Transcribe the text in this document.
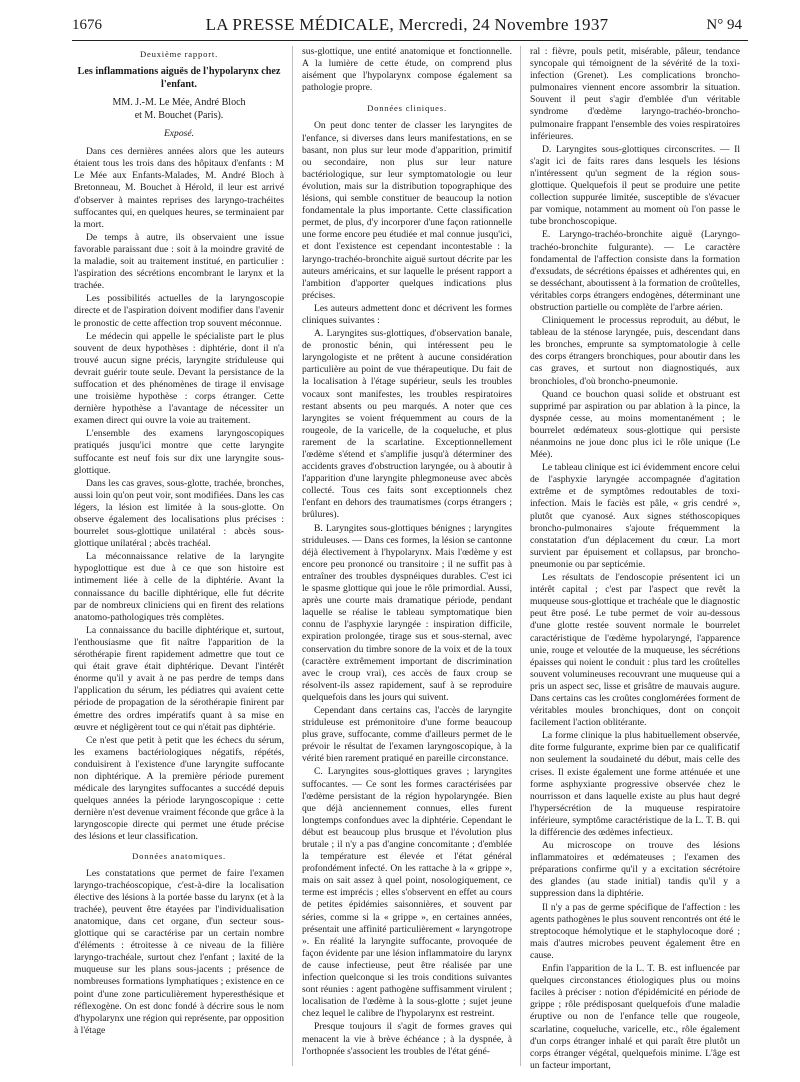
1676	LA PRESSE MÉDICALE, Mercredi, 24 Novembre 1937	N° 94
Deuxième rapport.
Les inflammations aiguës de l'hypolarynx chez l'enfant.
MM. J.-M. Le Mée, André Bloch
et M. Bouchet (Paris).
Exposé.

Dans ces dernières années alors que les auteurs étaient tous les trois dans des hôpitaux d'enfants : M Le Mée aux Enfants-Malades, M. André Bloch à Bretonneau, M. Bouchet à Hérold, il leur est arrivé d'observer à maintes reprises des laryngo-trachéites suffocantes qui, en quelques heures, se terminaient par la mort.

De temps à autre, ils observaient une issue favorable paraissant due : soit à la moindre gravité de la maladie, soit au traitement institué, en particulier : l'aspiration des sécrétions encombrant le larynx et la trachée.

Les possibilités actuelles de la laryngoscopie directe et de l'aspiration doivent modifier dans l'avenir le pronostic de cette affection trop souvent méconnue.

Le médecin qui appelle le spécialiste part le plus souvent de deux hypothèses : diphtérie, dont il n'a trouvé aucun signe précis, laryngite striduleuse qui devrait guérir toute seule. Devant la persistance de la suffocation et des phénomènes de tirage il envisage une troisième hypothèse : corps étranger. Cette dernière hypothèse a l'avantage de nécessiter un examen direct qui ouvre la voie au traitement.

L'ensemble des examens laryngoscopiques pratiqués jusqu'ici montre que cette laryngite suffocante est neuf fois sur dix une laryngite sous-glottique.

Dans les cas graves, sous-glotte, trachée, bronches, aussi loin qu'on peut voir, sont modifiées. Dans les cas légers, la lésion est limitée à la sous-glotte. On observe également des localisations plus précises : bourrelet sous-glottique unilatéral : abcès sous-glottique unilatéral ; abcès trachéal.

La méconnaissance relative de la laryngite hypoglottique est due à ce que son histoire est intimement liée à celle de la diphtérie. Avant la connaissance du bacille diphtérique, elle fut décrite par de nombreux cliniciens qui en firent des relations anatomo-pathologiques très complètes.

La connaissance du bacille diphtérique et, surtout, l'enthousiasme que fit naître l'apparition de la sérothérapie firent rapidement admettre que tout ce qui était grave était diphtérique. Devant l'intérêt énorme qu'il y avait à ne pas perdre de temps dans l'application du sérum, les pédiatres qui avaient cette période de propagation de la sérothérapie finirent par émettre des ordres impératifs quant à sa mise en œuvre et négligèrent tout ce qui n'était pas diphtérie.

Ce n'est que petit à petit que les échecs du sérum, les examens bactériologiques négatifs, répétés, conduisirent à l'existence d'une laryngite suffocante non diphtérique. A la première période purement médicale des laryngites suffocantes a succédé depuis quelques années la période laryngoscopique : cette dernière n'est devenue vraiment féconde que grâce à la laryngoscopie directe qui permet une étude précise des lésions et leur classification.

Données anatomiques.

Les constatations que permet de faire l'examen laryngo-trachéoscopique, c'est-à-dire la localisation élective des lésions à la portée basse du larynx (et à la trachée), peuvent être étayées par l'individualisation anatomique, dans cet organe, d'un secteur sous-glottique qui se caractérise par un certain nombre d'éléments : étroitesse à ce niveau de la filière laryngo-trachéale, surtout chez l'enfant ; laxité de la muqueuse sur les plans sous-jacents ; présence de nombreuses formations lymphatiques ; existence en ce point d'une zone particulièrement hyperesthésique et réflexogène. On est donc fondé à décrire sous le nom d'hypolarynx une région qui représente, par opposition à l'étage

sus-glottique, une entité anatomique et fonctionnelle. A la lumière de cette étude, on comprend plus aisément que l'hypolarynx compose également sa pathologie propre.

Données cliniques.

On peut donc tenter de classer les laryngites de l'enfance, si diverses dans leurs manifestations, en se basant, non plus sur leur mode d'apparition, primitif ou secondaire, non plus sur leur nature bactériologique, sur leur symptomatologie ou leur évolution, mais sur la distribution topographique des lésions, qui semble constituer de beaucoup la notion fondamentale la plus importante. Cette classification permet, de plus, d'y incorporer d'une façon rationnelle une forme encore peu étudiée et mal connue jusqu'ici, et dont l'existence est cependant incontestable : la laryngo-trachéo-bronchite aiguë surtout décrite par les auteurs américains, et sur laquelle le présent rapport a l'ambition d'apporter quelques indications plus précises.

Les auteurs admettent donc et décrivent les formes cliniques suivantes :

A. Laryngites sus-glottiques, d'observation banale, de pronostic bénin, qui intéressent peu le laryngologiste et ne prêtent à aucune considération particulière au point de vue thérapeutique. Du fait de la localisation à l'étage supérieur, seuls les troubles vocaux sont manifestes, les troubles respiratoires restant absents ou peu marqués. A noter que ces laryngites se voient fréquemment au cours de la rougeole, de la varicelle, de la coqueluche, et plus rarement de la scarlatine. Exceptionnellement l'œdème s'étend et s'amplifie jusqu'à déterminer des accidents graves d'obstruction laryngée, ou à aboutir à l'apparition d'une laryngite phlegmoneuse avec abcès collecté. Tous ces faits sont exceptionnels chez l'enfant en dehors des traumatismes (corps étrangers ; brûlures).

B. Laryngites sous-glottiques bénignes ; laryngites striduleuses. — Dans ces formes, la lésion se cantonne déjà électivement à l'hypolarynx. Mais l'œdème y est encore peu prononcé ou transitoire ; il ne suffit pas à entraîner des troubles dyspnéiques durables. C'est ici le spasme glottique qui joue le rôle primordial. Aussi, après une courte mais dramatique période, pendant laquelle se réalise le tableau symptomatique bien connu de l'asphyxie laryngée : inspiration difficile, expiration prolongée, tirage sus et sous-sternal, avec conservation du timbre sonore de la voix et de la toux (caractère extrêmement important de discrimination avec le croup vrai), ces accès de faux croup se résolvent-ils assez rapidement, sauf à se reproduire quelquefois dans les jours qui suivent.

Cependant dans certains cas, l'accès de laryngite striduleuse est prémonitoire d'une forme beaucoup plus grave, suffocante, comme d'ailleurs permet de le prévoir le résultat de l'examen laryngoscopique, à la vérité bien rarement pratiqué en pareille circonstance.

C. Laryngites sous-glottiques graves ; laryngites suffocantes. — Ce sont les formes caractérisées par l'œdème persistant de la région hypolaryngée. Bien que déjà anciennement connues, elles furent longtemps confondues avec la diphtérie. Cependant le début est beaucoup plus brusque et l'évolution plus brutale ; il n'y a pas d'angine concomitante ; d'emblée la température est élevée et l'état général profondément infecté. On les rattache à la « grippe », mais on sait assez à quel point, nosologiquement, ce terme est imprécis ; elles s'observent en effet au cours de petites épidémies saisonnières, et souvent par séries, comme si la « grippe », en certaines années, présentait une affinité particulièrement « laryngotrope ». En réalité la laryngite suffocante, provoquée de façon évidente par une lésion inflammatoire du larynx de cause infectieuse, peut être réalisée par une infection quelconque si les trois conditions suivantes sont réunies : agent pathogène suffisamment virulent ; localisation de l'œdème à la sous-glotte ; sujet jeune chez lequel le calibre de l'hypolarynx est restreint.

Presque toujours il s'agit de formes graves qui menacent la vie à brève échéance ; à la dyspnée, à l'orthopnée s'associent les troubles de l'état géné-

ral : fièvre, pouls petit, misérable, pâleur, tendance syncopale qui témoignent de la sévérité de la toxi-infection (Grenet). Les complications broncho-pulmonaires viennent encore assombrir la situation. Souvent il peut s'agir d'emblée d'un véritable syndrome d'œdème laryngo-trachéo-broncho-pulmonaire frappant l'ensemble des voies respiratoires inférieures.

D. Laryngites sous-glottiques circonscrites. — Il s'agit ici de faits rares dans lesquels les lésions n'intéressent qu'un segment de la région sous-glottique. Quelquefois il peut se produire une petite collection suppurée limitée, susceptible de s'évacuer par vomique, notamment au moment où l'on passe le tube bronchoscopique.

E. Laryngo-trachéo-bronchite aiguë (Laryngo-trachéo-bronchite fulgurante). — Le caractère fondamental de l'affection consiste dans la formation d'exsudats, de sécrétions épaisses et adhérentes qui, en se desséchant, aboutissent à la formation de croûtelles, véritables corps étrangers endogènes, déterminant une obstruction partielle ou complète de l'arbre aérien.

Cliniquement le processus reproduit, au début, le tableau de la sténose laryngée, puis, descendant dans les bronches, emprunte sa symptomatologie à celle des corps étrangers bronchiques, pour aboutir dans les cas graves, et surtout non diagnostiqués, aux bronchioles, d'où broncho-pneumonie.

Quand ce bouchon quasi solide et obstruant est supprimé par aspiration ou par ablation à la pince, la dyspnée cesse, au moins momentanément ; le bourrelet œdémateux sous-glottique qui persiste néanmoins ne joue donc plus ici le rôle unique (Le Mée).

Le tableau clinique est ici évidemment encore celui de l'asphyxie laryngée accompagnée d'agitation extrême et de symptômes redoutables de toxi-infection. Mais le faciès est pâle, « gris cendré », plutôt que cyanosé. Aux signes stéthoscopiques broncho-pulmonaires s'ajoute fréquemment la constatation d'un déplacement du cœur. La mort survient par épuisement et collapsus, par broncho-pneumonie ou par septicémie.

Les résultats de l'endoscopie présentent ici un intérêt capital ; c'est par l'aspect que revêt la muqueuse sous-glottique et trachéale que le diagnostic peut être posé. Le tube permet de voir au-dessous d'une glotte restée souvent normale le bourrelet caractéristique de l'œdème hypolaryngé, l'apparence unie, rouge et veloutée de la muqueuse, les sécrétions épaisses qui noient le conduit : plus tard les croûtelles souvent volumineuses recouvrant une muqueuse qui a pris un aspect sec, lisse et grisâtre de mauvais augure. Dans certains cas les croûtes conglomérées forment de véritables moules bronchiques, dont on conçoit facilement l'action oblitérante.

La forme clinique la plus habituellement observée, dite forme fulgurante, exprime bien par ce qualificatif non seulement la soudaineté du début, mais celle des crises. Il existe également une forme atténuée et une forme asphyxiante progressive observée chez le nourrisson et dans laquelle existe au plus haut degré l'hypersécrétion de la muqueuse respiratoire inférieure, symptôme caractéristique de la L. T. B. qui la différencie des œdèmes infectieux.

Au microscope on trouve des lésions inflammatoires et œdémateuses ; l'examen des préparations confirme qu'il y a excitation sécrétoire des glandes (au stade initial) tandis qu'il y a suppression dans la diphtérie.

Il n'y a pas de germe spécifique de l'affection : les agents pathogènes le plus souvent rencontrés ont été le streptocoque hémolytique et le staphylocoque doré ; mais d'autres microbes peuvent également être en cause.

Enfin l'apparition de la L. T. B. est influencée par quelques circonstances étiologiques plus ou moins faciles à préciser : notion d'épidémicité en période de grippe ; rôle prédisposant quelquefois d'une maladie éruptive ou non de l'enfance telle que rougeole, scarlatine, coqueluche, varicelle, etc., rôle également d'un corps étranger inhalé et qui paraît être plutôt un corps étranger végétal, quelquefois minime. L'âge est un facteur important,
